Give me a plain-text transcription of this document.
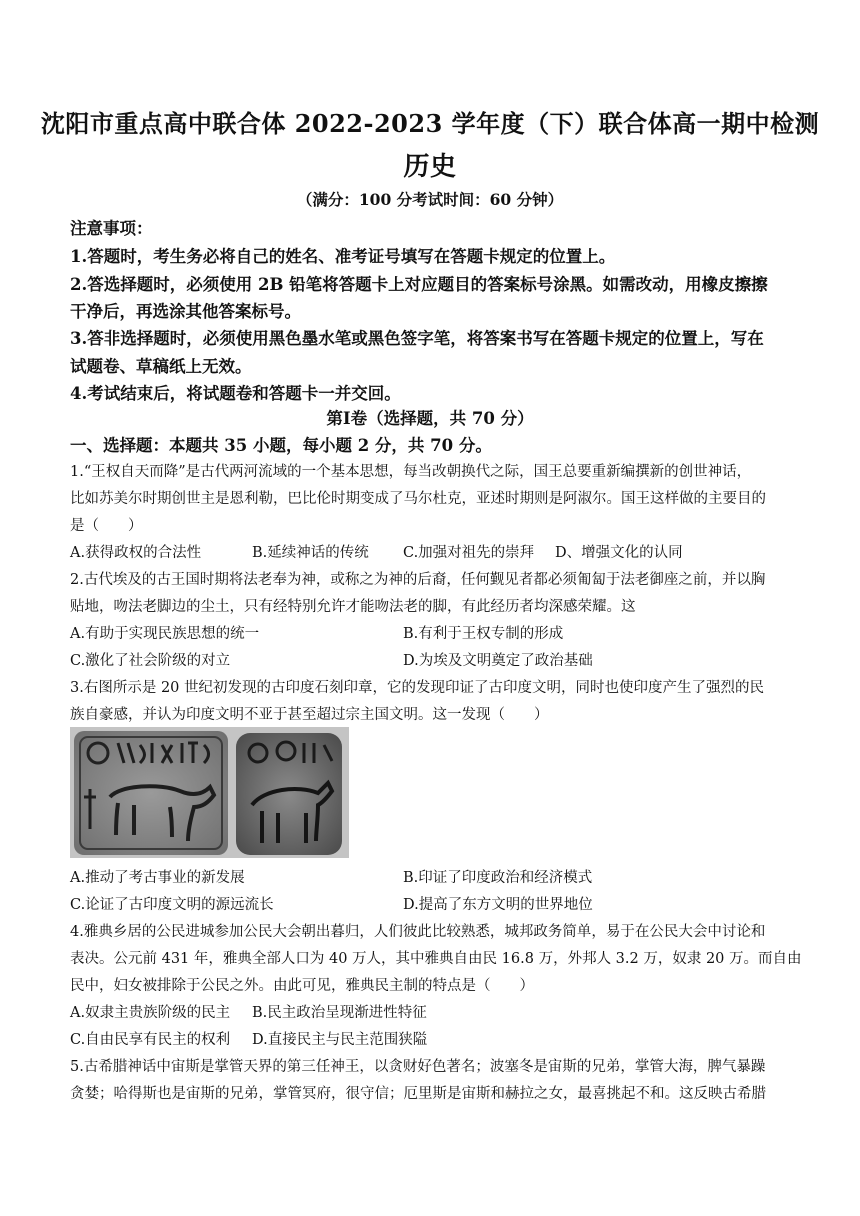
沈阳市重点高中联合体 2022-2023 学年度（下）联合体高一期中检测
历史
（满分：100 分考试时间：60 分钟）
注意事项：
1.答题时，考生务必将自己的姓名、准考证号填写在答题卡规定的位置上。
2.答选择题时，必须使用 2B 铅笔将答题卡上对应题目的答案标号涂黑。如需改动，用橡皮擦擦
干净后，再选涂其他答案标号。
3.答非选择题时，必须使用黑色墨水笔或黑色签字笔，将答案书写在答题卡规定的位置上，写在
试题卷、草稿纸上无效。
4.考试结束后，将试题卷和答题卡一并交回。
第Ⅰ卷（选择题，共 70 分）
一、选择题：本题共 35 小题，每小题 2 分，共 70 分。
1.“王权自天而降”是古代两河流域的一个基本思想，每当改朝换代之际，国王总要重新编撰新的创世神话，
比如苏美尔时期创世主是恩利勒，巴比伦时期变成了马尔杜克，亚述时期则是阿淑尔。国王这样做的主要目的
是（　　）
A.获得政权的合法性	B.延续神话的传统 C.加强对祖先的崇拜 D、增强文化的认同
2.古代埃及的古王国时期将法老奉为神，或称之为神的后裔，任何觐见者都必须匍匐于法老御座之前，并以胸
贴地，吻法老脚边的尘土，只有经特别允许才能吻法老的脚，有此经历者均深感荣耀。这
A.有助于实现民族思想的统一	B.有利于王权专制的形成
C.激化了社会阶级的对立	D.为埃及文明奠定了政治基础
3.右图所示是 20 世纪初发现的古印度石刻印章，它的发现印证了古印度文明，同时也使印度产生了强烈的民
族自豪感，并认为印度文明不亚于甚至超过宗主国文明。这一发现（　　）
A.推动了考古事业的新发展	B.印证了印度政治和经济模式
C.论证了古印度文明的源远流长	D.提高了东方文明的世界地位
4.雅典乡居的公民进城参加公民大会朝出暮归，人们彼此比较熟悉，城邦政务简单，易于在公民大会中讨论和
表决。公元前 431 年，雅典全部人口为 40 万人，其中雅典自由民 16.8 万，外邦人 3.2 万，奴隶 20 万。而自由
民中，妇女被排除于公民之外。由此可见，雅典民主制的特点是（　　）
A.奴隶主贵族阶级的民主 B.民主政治呈现渐进性特征
C.自由民享有民主的权利 D.直接民主与民主范围狭隘
5.古希腊神话中宙斯是掌管天界的第三任神王，以贪财好色著名；波塞冬是宙斯的兄弟，掌管大海，脾气暴躁
贪婪；哈得斯也是宙斯的兄弟，掌管冥府，很守信；厄里斯是宙斯和赫拉之女，最喜挑起不和。这反映古希腊
